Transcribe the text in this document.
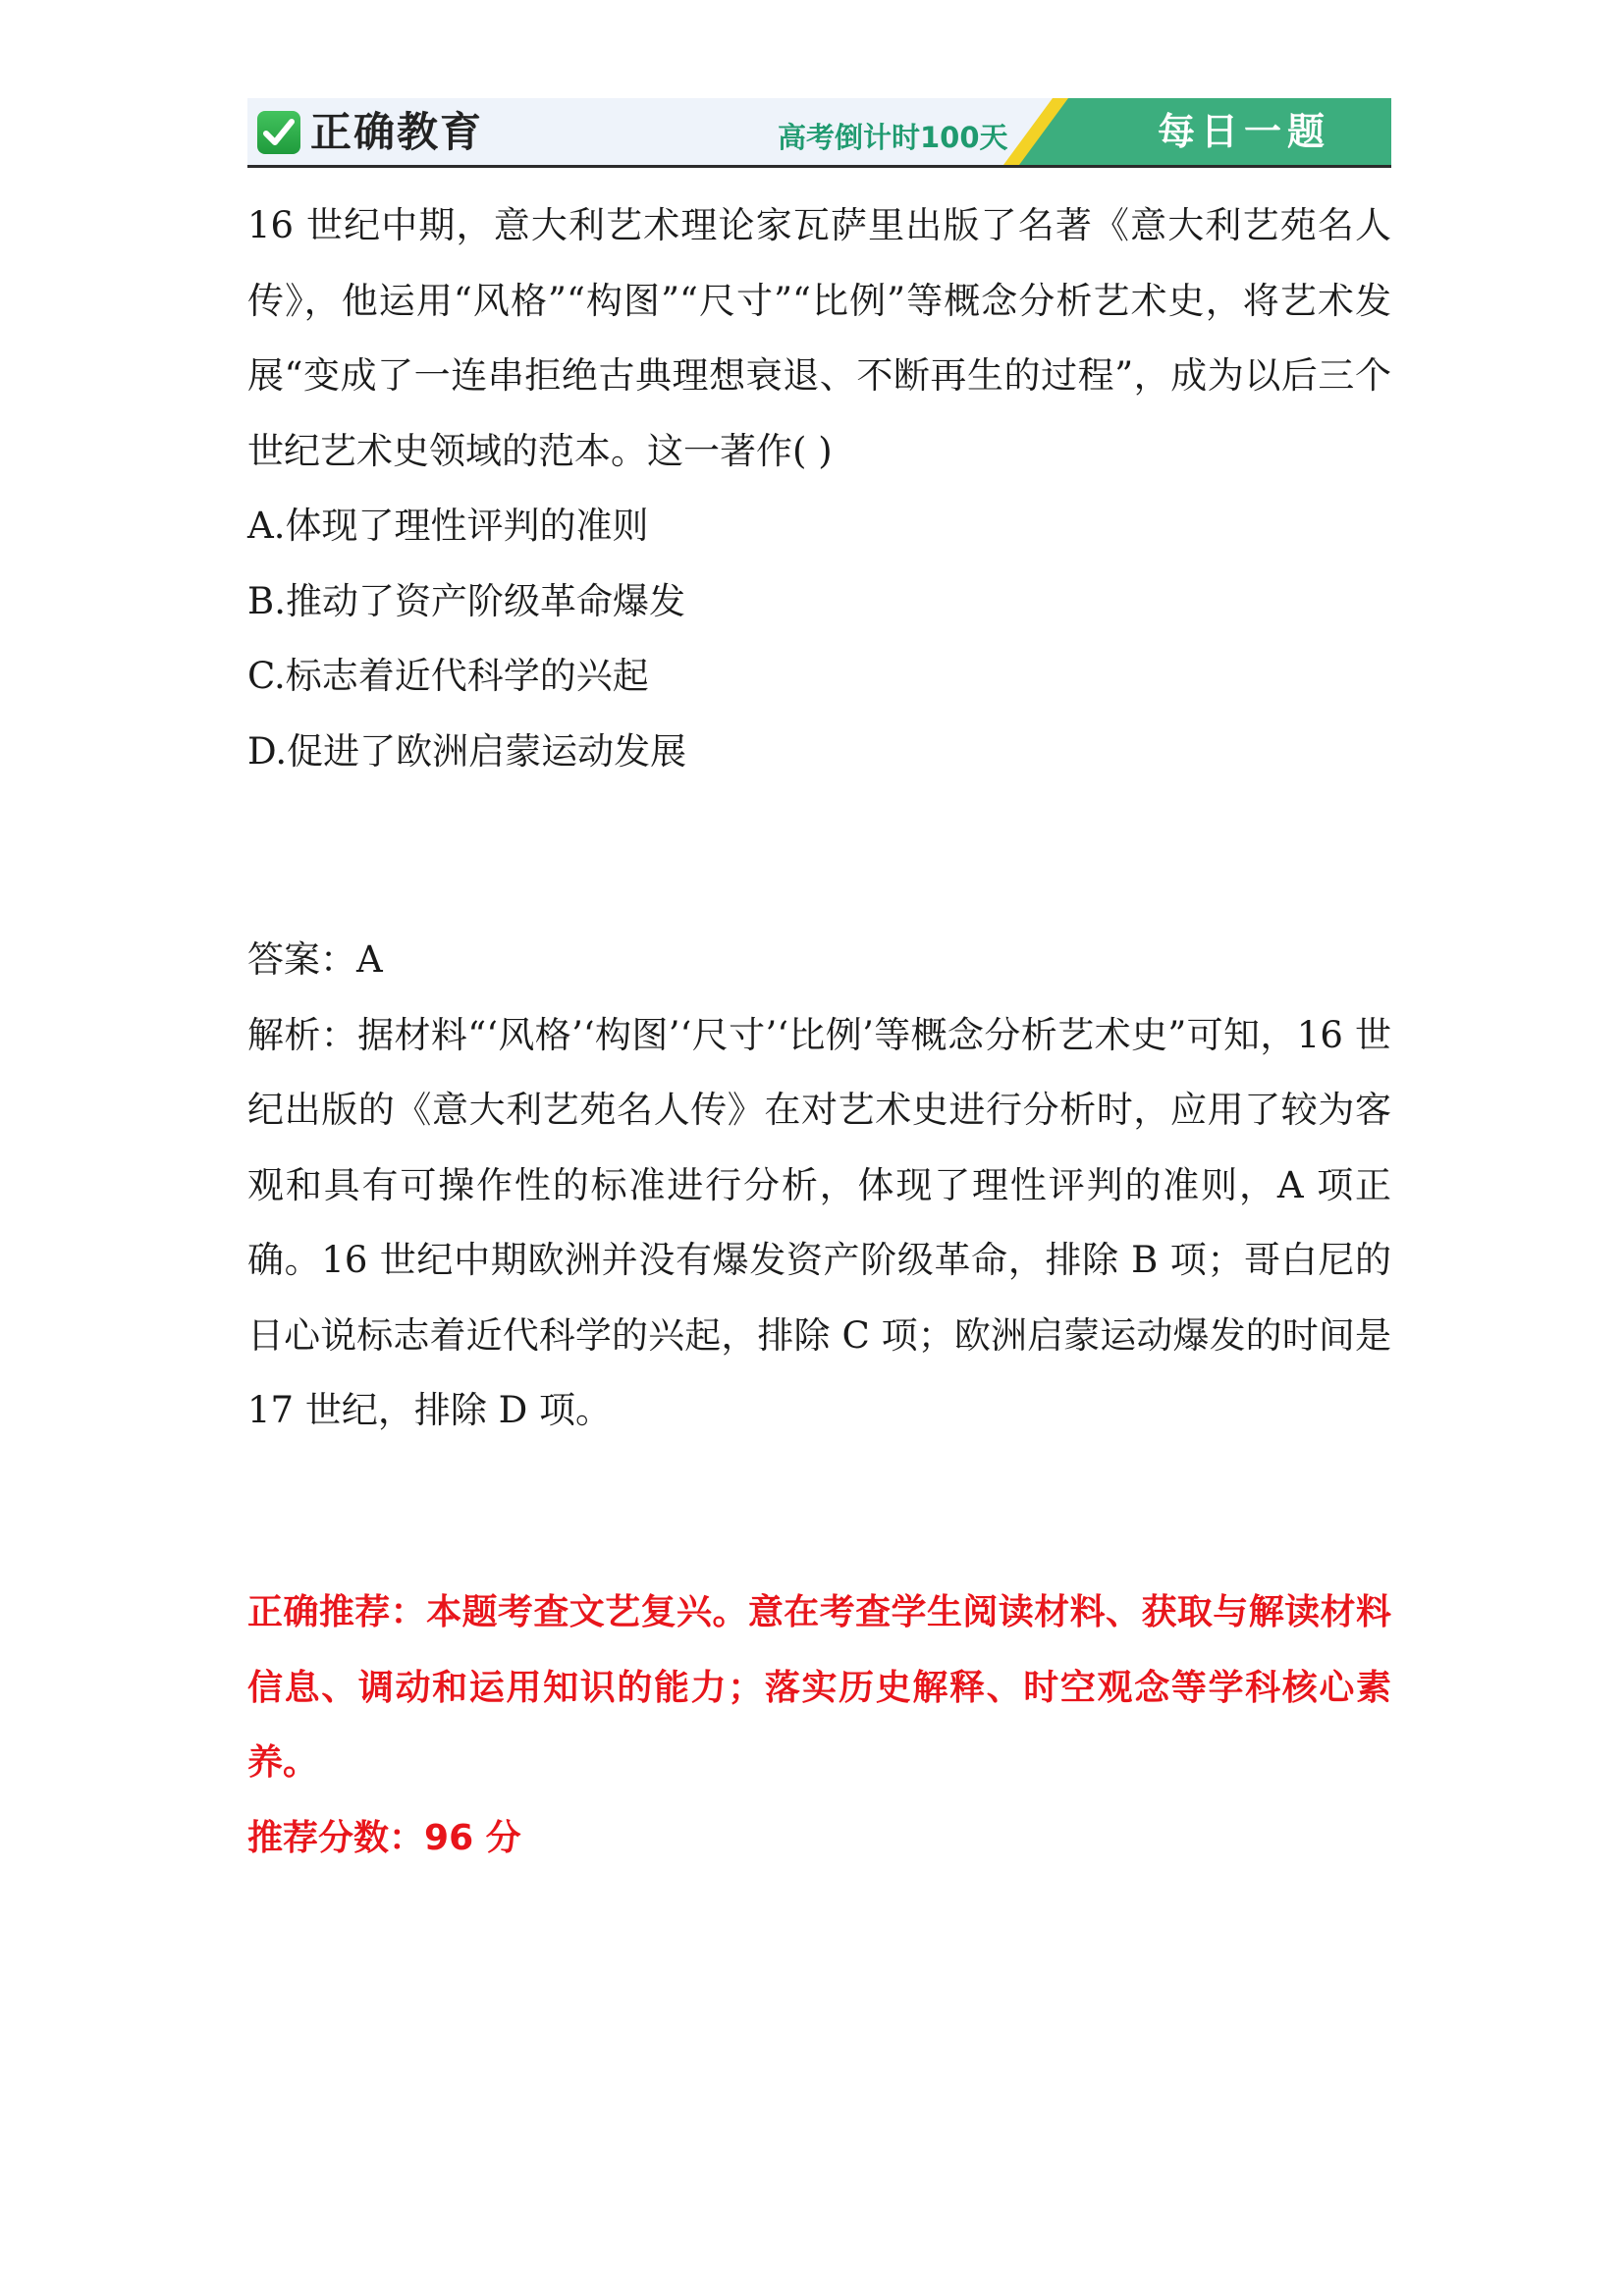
正确教育	高考倒计时100天	每日一题

16 世纪中期，意大利艺术理论家瓦萨里出版了名著《意大利艺苑名人传》，他运用“风格”“构图”“尺寸”“比例”等概念分析艺术史，将艺术发展“变成了一连串拒绝古典理想衰退、不断再生的过程”，成为以后三个世纪艺术史领域的范本。这一著作( )

A.体现了理性评判的准则

B.推动了资产阶级革命爆发

C.标志着近代科学的兴起

D.促进了欧洲启蒙运动发展

答案：A

解析：据材料“‘风格’‘构图’‘尺寸’‘比例’等概念分析艺术史”可知，16 世纪出版的《意大利艺苑名人传》在对艺术史进行分析时，应用了较为客观和具有可操作性的标准进行分析，体现了理性评判的准则，A 项正确。16 世纪中期欧洲并没有爆发资产阶级革命，排除 B 项；哥白尼的日心说标志着近代科学的兴起，排除 C 项；欧洲启蒙运动爆发的时间是 17 世纪，排除 D 项。

正确推荐：本题考查文艺复兴。意在考查学生阅读材料、获取与解读材料信息、调动和运用知识的能力；落实历史解释、时空观念等学科核心素养。

推荐分数：96 分
